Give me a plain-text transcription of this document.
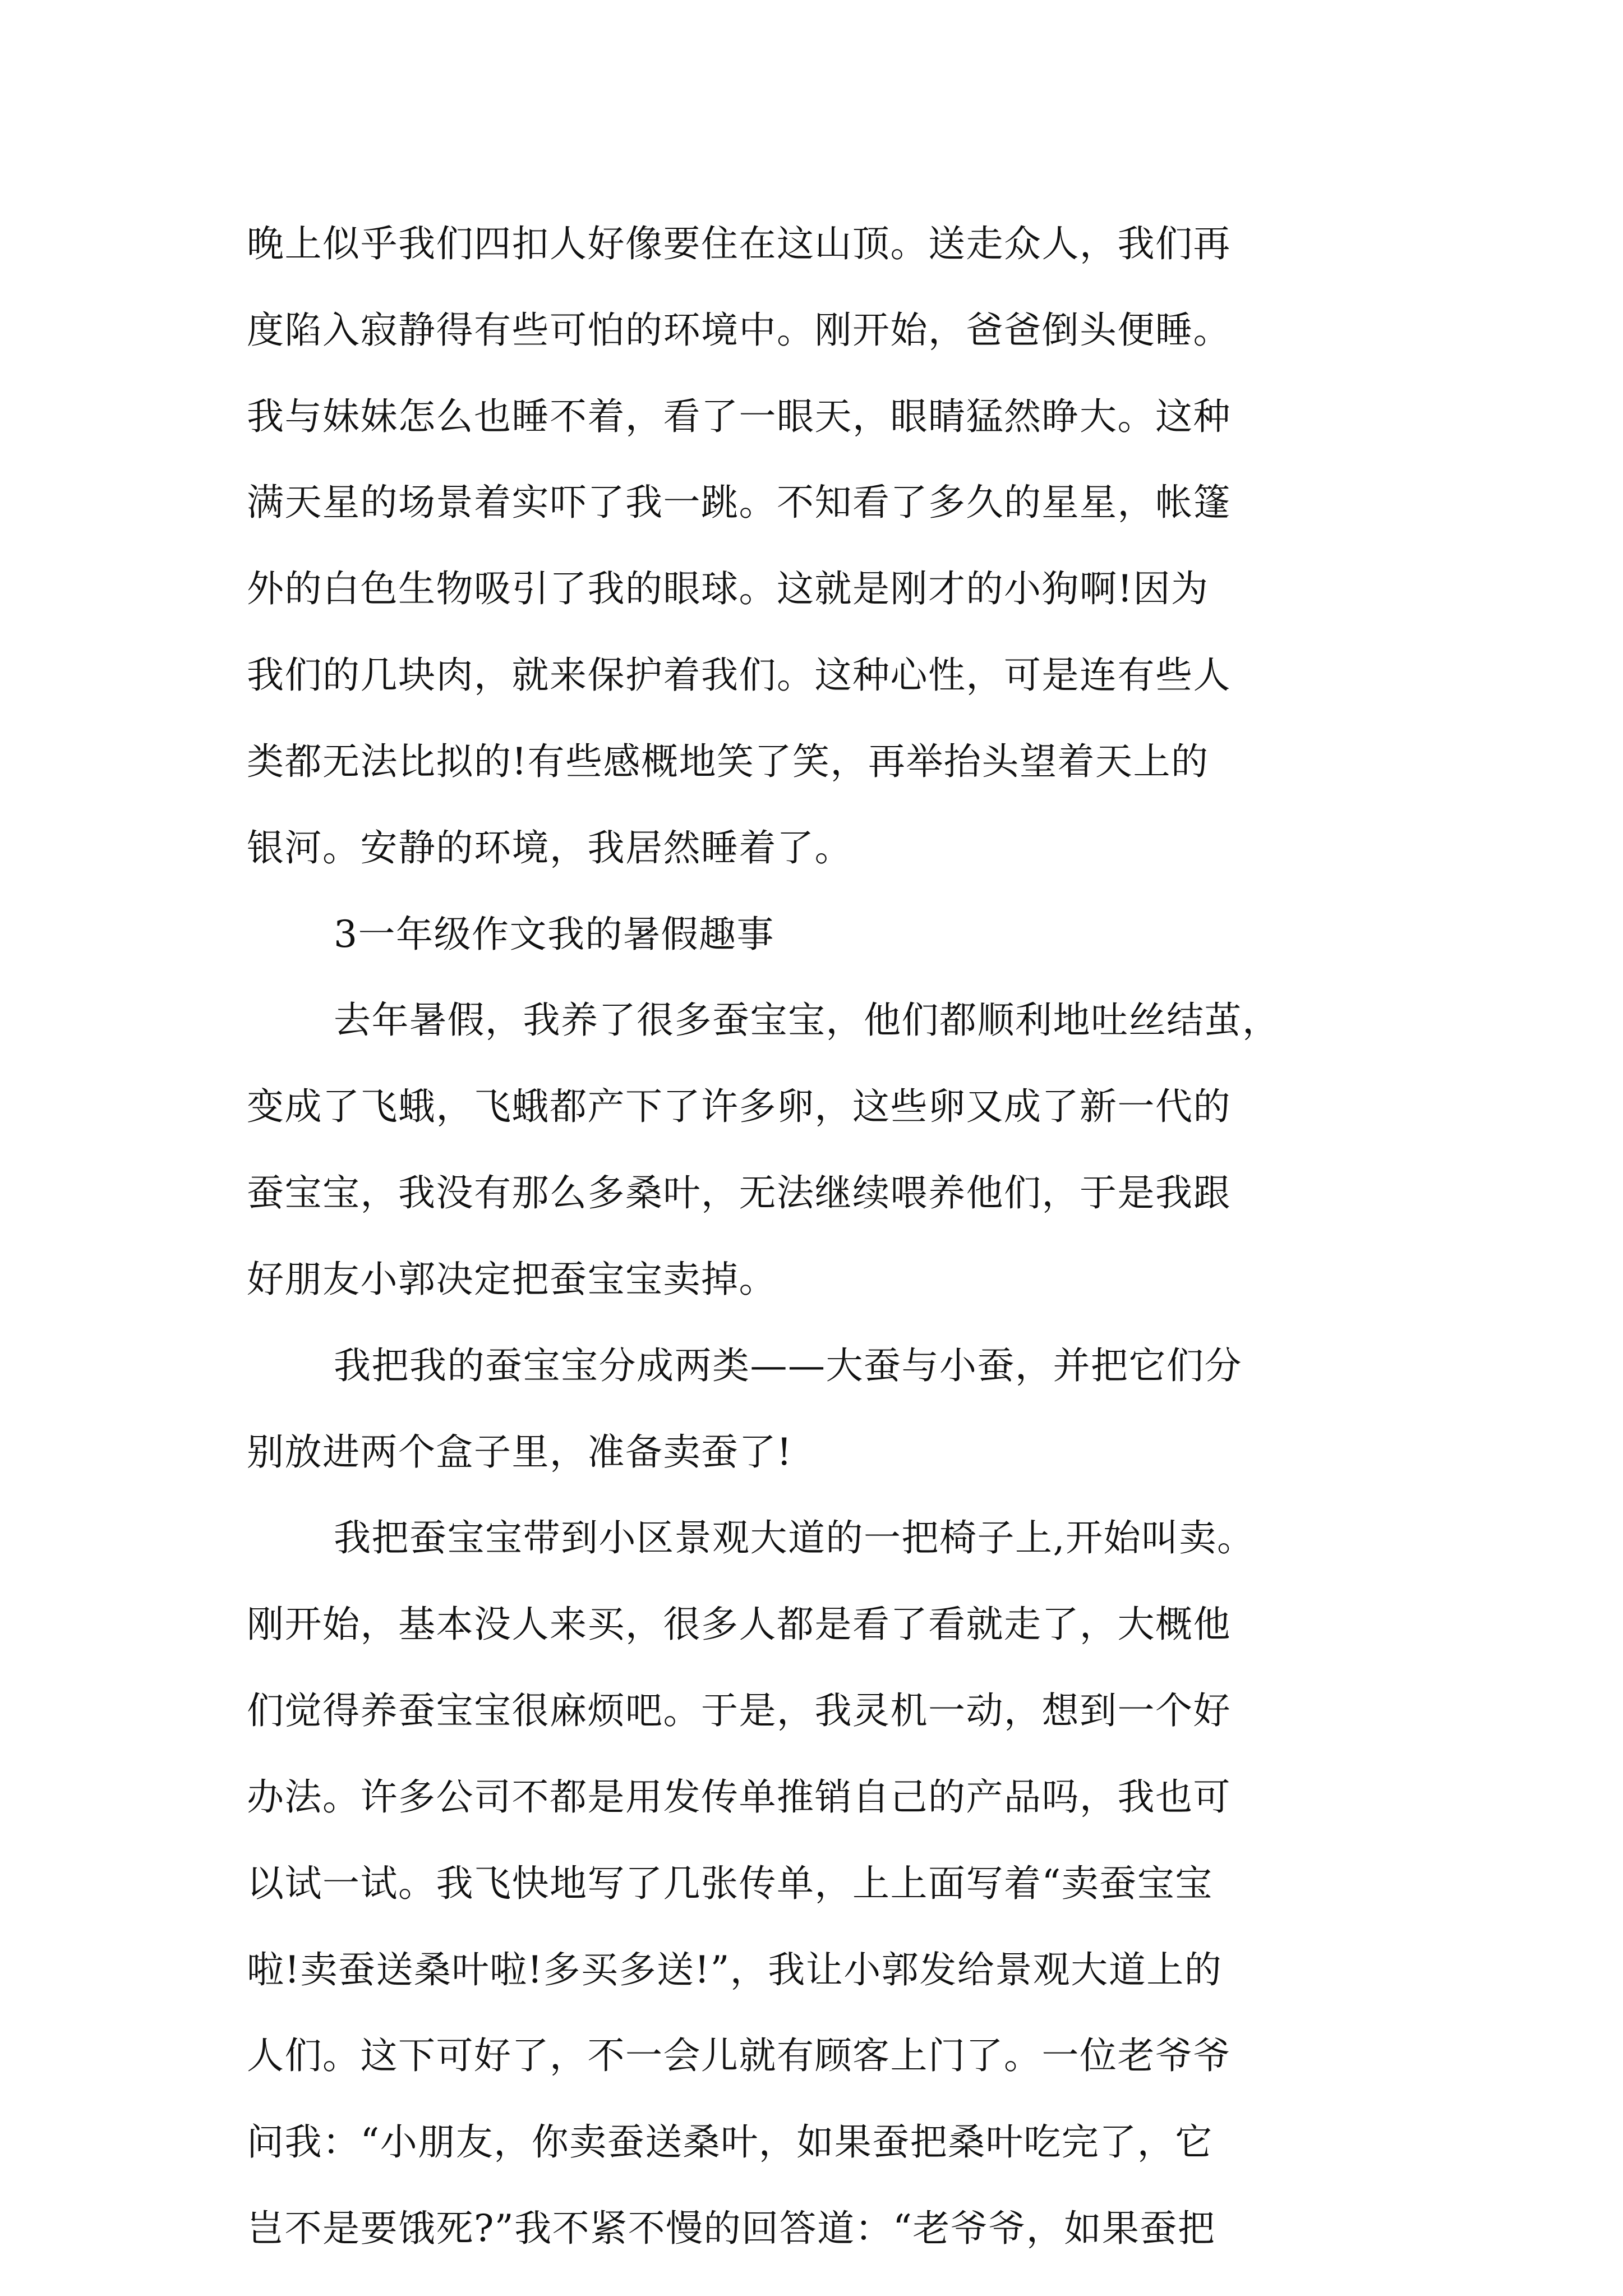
晚上似乎我们四扣人好像要住在这山顶。送走众人，我们再
度陷入寂静得有些可怕的环境中。刚开始，爸爸倒头便睡。
我与妹妹怎么也睡不着，看了一眼天，眼睛猛然睁大。这种
满天星的场景着实吓了我一跳。不知看了多久的星星，帐篷
外的白色生物吸引了我的眼球。这就是刚才的小狗啊!因为
我们的几块肉，就来保护着我们。这种心性，可是连有些人
类都无法比拟的!有些感概地笑了笑，再举抬头望着天上的
银河。安静的环境，我居然睡着了。
3一年级作文我的暑假趣事
去年暑假，我养了很多蚕宝宝，他们都顺利地吐丝结茧，
变成了飞蛾，飞蛾都产下了许多卵，这些卵又成了新一代的
蚕宝宝，我没有那么多桑叶，无法继续喂养他们，于是我跟
好朋友小郭决定把蚕宝宝卖掉。
我把我的蚕宝宝分成两类——大蚕与小蚕，并把它们分
别放进两个盒子里，准备卖蚕了!
我把蚕宝宝带到小区景观大道的一把椅子上,开始叫卖。
刚开始，基本没人来买，很多人都是看了看就走了，大概他
们觉得养蚕宝宝很麻烦吧。于是，我灵机一动，想到一个好
办法。许多公司不都是用发传单推销自己的产品吗，我也可
以试一试。我飞快地写了几张传单，上上面写着“卖蚕宝宝
啦!卖蚕送桑叶啦!多买多送!”，我让小郭发给景观大道上的
人们。这下可好了，不一会儿就有顾客上门了。一位老爷爷
问我：“小朋友，你卖蚕送桑叶，如果蚕把桑叶吃完了，它
岂不是要饿死?”我不紧不慢的回答道：“老爷爷，如果蚕把
